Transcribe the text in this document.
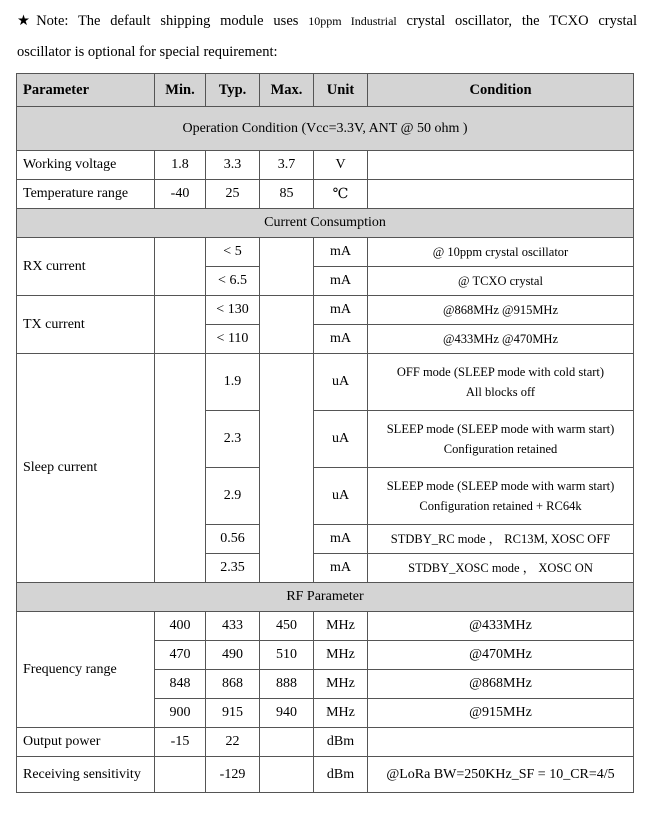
★Note: The default shipping module uses 10ppm Industrial crystal oscillator, the TCXO crystal
oscillator is optional for special requirement:
Parameter	Min.	Typ.	Max.	Unit	Condition
Operation Condition (Vcc=3.3V, ANT @ 50 ohm )					
Working voltage	1.8	3.3	3.7	V	
Temperature range	-40	25	85	℃	
Current Consumption					
RX current		< 5		mA	@ 10ppm crystal oscillator
		< 6.5		mA	@ TCXO crystal
TX current		< 130		mA	@868MHz @915MHz
		< 110		mA	@433MHz @470MHz
Sleep current		1.9		uA	OFF mode (SLEEP mode with cold start)
All blocks off
		2.3		uA	SLEEP mode (SLEEP mode with warm start)
Configuration retained
		2.9		uA	SLEEP mode (SLEEP mode with warm start)
Configuration retained + RC64k
		0.56		mA	STDBY_RC mode ， RC13M, XOSC OFF
		2.35		mA	STDBY_XOSC mode ， XOSC ON
RF Parameter					
Frequency range	400	433	450	MHz	@433MHz
	470	490	510	MHz	@470MHz
	848	868	888	MHz	@868MHz
	900	915	940	MHz	@915MHz
Output power	-15	22		dBm	
Receiving sensitivity		-129		dBm	@LoRa BW=250KHz_SF = 10_CR=4/5
